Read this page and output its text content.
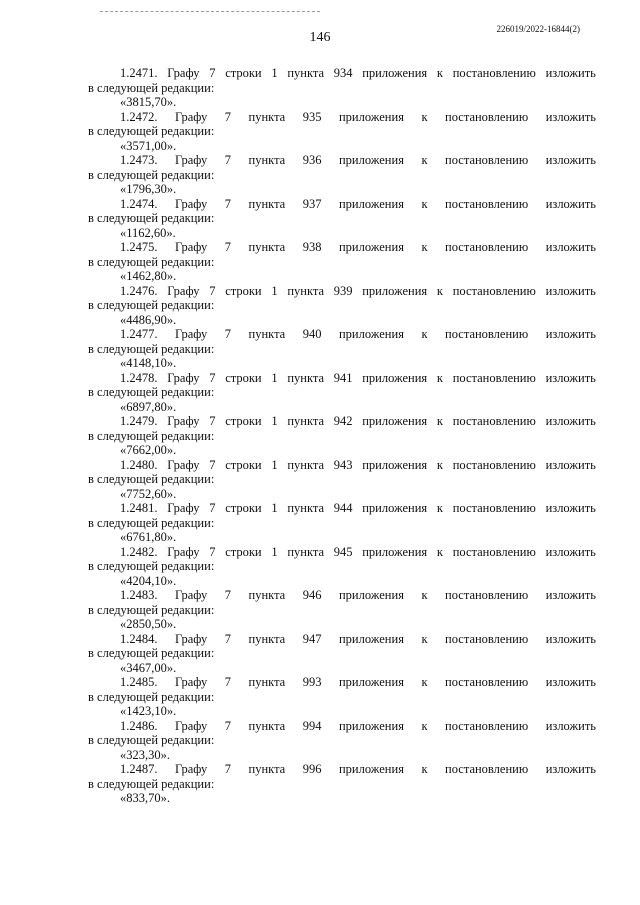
146
226019/2022-16844(2)
1.2471. Графу 7 строки 1 пункта 934 приложения к постановлению изложить
в следующей редакции:
«3815,70».
1.2472. Графу 7 пункта 935 приложения к постановлению изложить
в следующей редакции:
«3571,00».
1.2473. Графу 7 пункта 936 приложения к постановлению изложить
в следующей редакции:
«1796,30».
1.2474. Графу 7 пункта 937 приложения к постановлению изложить
в следующей редакции:
«1162,60».
1.2475. Графу 7 пункта 938 приложения к постановлению изложить
в следующей редакции:
«1462,80».
1.2476. Графу 7 строки 1 пункта 939 приложения к постановлению изложить
в следующей редакции:
«4486,90».
1.2477. Графу 7 пункта 940 приложения к постановлению изложить
в следующей редакции:
«4148,10».
1.2478. Графу 7 строки 1 пункта 941 приложения к постановлению изложить
в следующей редакции:
«6897,80».
1.2479. Графу 7 строки 1 пункта 942 приложения к постановлению изложить
в следующей редакции:
«7662,00».
1.2480. Графу 7 строки 1 пункта 943 приложения к постановлению изложить
в следующей редакции:
«7752,60».
1.2481. Графу 7 строки 1 пункта 944 приложения к постановлению изложить
в следующей редакции:
«6761,80».
1.2482. Графу 7 строки 1 пункта 945 приложения к постановлению изложить
в следующей редакции:
«4204,10».
1.2483. Графу 7 пункта 946 приложения к постановлению изложить
в следующей редакции:
«2850,50».
1.2484. Графу 7 пункта 947 приложения к постановлению изложить
в следующей редакции:
«3467,00».
1.2485. Графу 7 пункта 993 приложения к постановлению изложить
в следующей редакции:
«1423,10».
1.2486. Графу 7 пункта 994 приложения к постановлению изложить
в следующей редакции:
«323,30».
1.2487. Графу 7 пункта 996 приложения к постановлению изложить
в следующей редакции:
«833,70».
